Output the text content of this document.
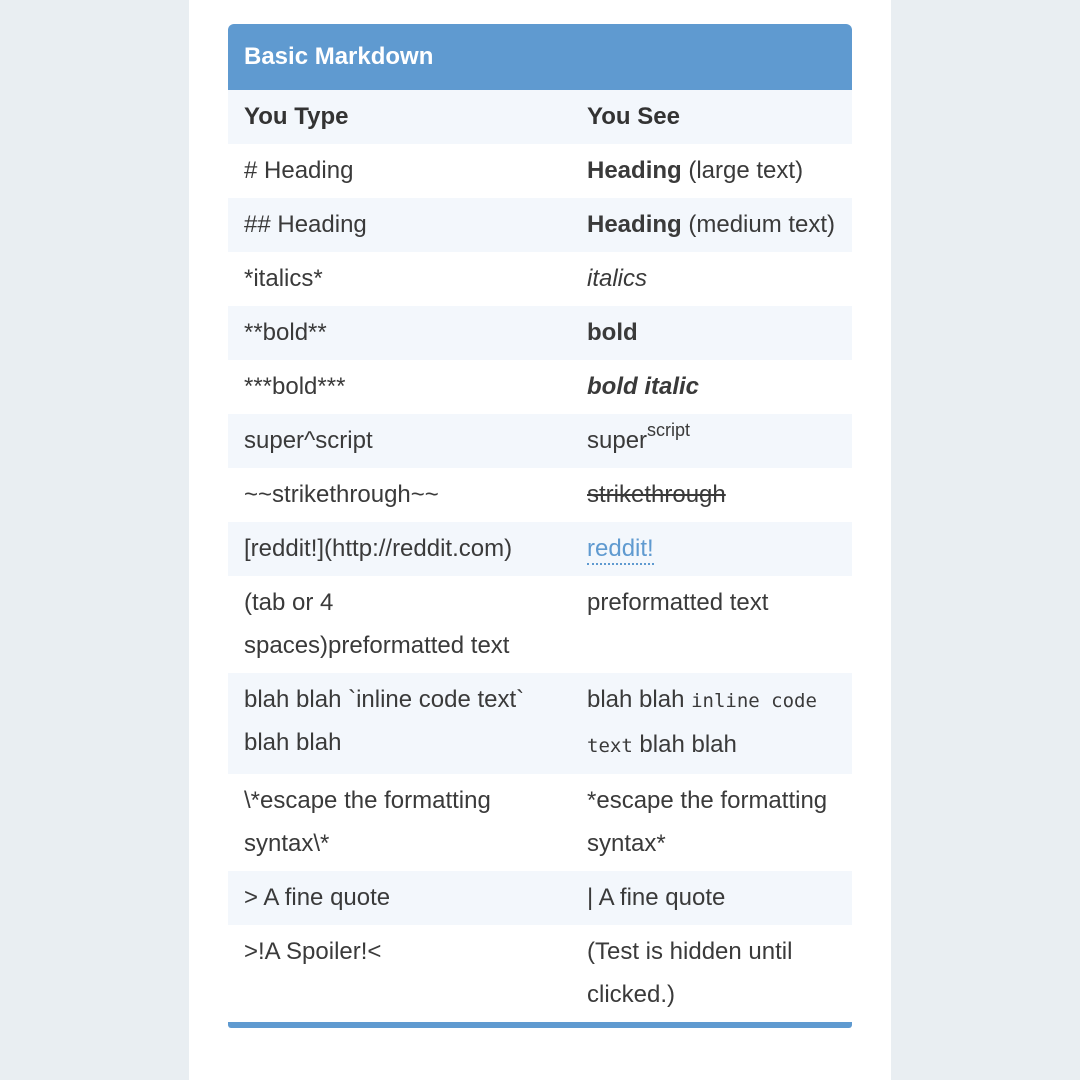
Basic Markdown
You Type	You See
# Heading	Heading (large text)
## Heading	Heading (medium text)
*italics*	italics
**bold**	bold
***bold***	bold italic
super^script	super$^{script}$
~~strikethrough~~	strikethrough
[reddit!](http://reddit.com)	reddit!
(tab or 4 spaces)preformatted text	preformatted text
blah blah `inline code text` blah blah	blah blah inline code text blah blah
\*escape the formatting syntax\*	*escape the formatting syntax*
> A fine quote	| A fine quote
>!A Spoiler!<	(Test is hidden until clicked.)
